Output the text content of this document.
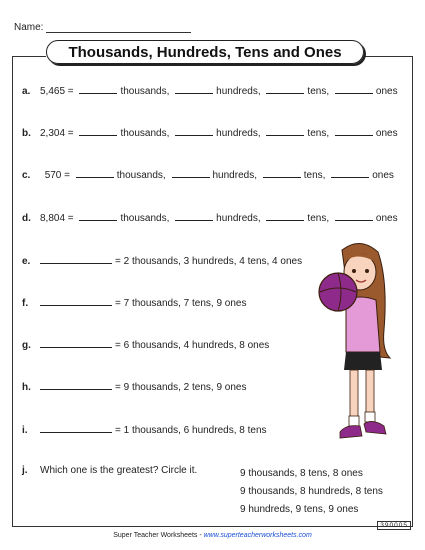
Name:
Thousands, Hundreds, Tens and Ones
a. 5,465 =	thousands,	hundreds,	tens,	ones
b. 2,304 =	thousands,	hundreds,	tens,	ones
c. 570 =	thousands,	hundreds,	tens,	ones
d. 8,804 =	thousands,	hundreds,	tens,	ones
e.	= 2 thousands, 3 hundreds, 4 tens, 4 ones
f.	= 7 thousands, 7 tens, 9 ones
g.	= 6 thousands, 4 hundreds, 8 ones
h.	= 9 thousands, 2 tens, 9 ones
i.	= 1 thousands, 6 hundreds, 8 tens
j. Which one is the greatest? Circle it.	9 thousands, 8 tens, 8 ones
9 thousands, 8 hundreds, 8 tens
9 hundreds, 9 tens, 9 ones
390005
Super Teacher Worksheets - www.superteacherworksheets.com
